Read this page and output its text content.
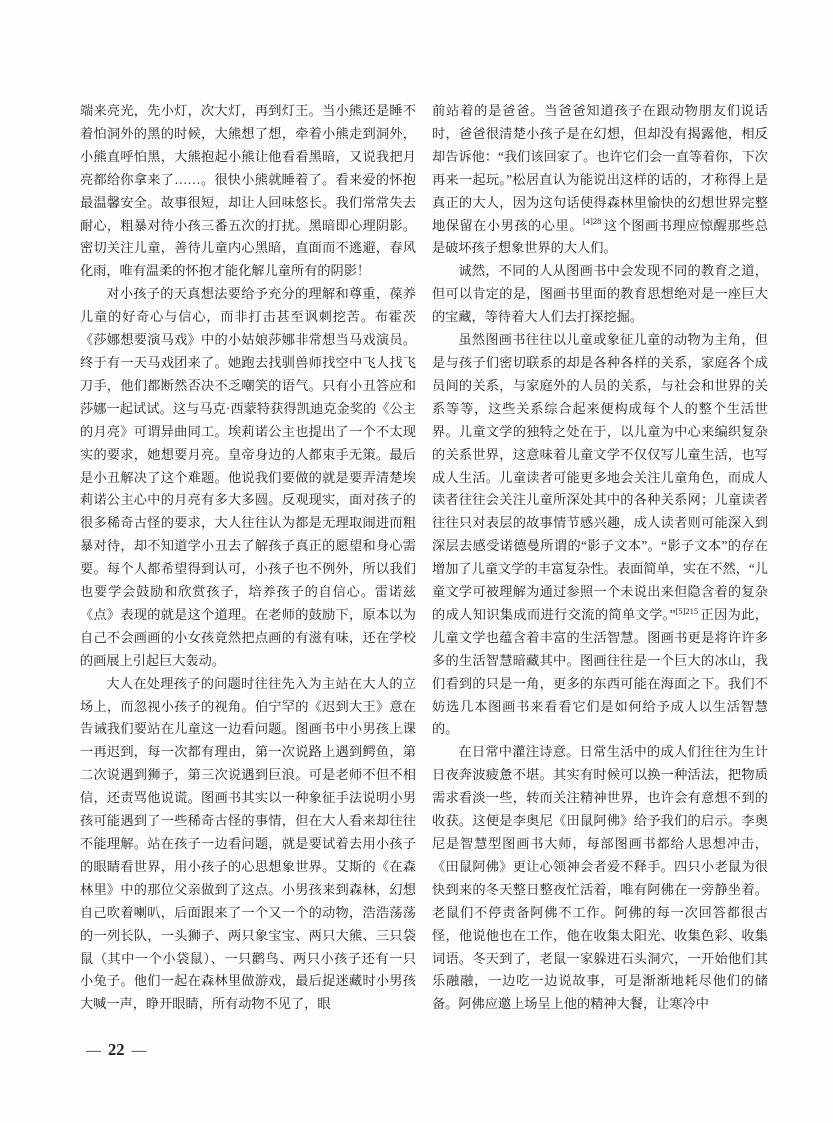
端来亮光，先小灯，次大灯，再到灯王。当小熊还是睡不着怕洞外的黑的时候，大熊想了想，牵着小熊走到洞外，小熊直呼怕黑，大熊抱起小熊让他看看黑暗，又说我把月亮都给你拿来了……。很快小熊就睡着了。看来爱的怀抱最温馨安全。故事很短，却让人回味悠长。我们常常失去耐心，粗暴对待小孩三番五次的打扰。黑暗即心理阴影。密切关注儿童，善待儿童内心黑暗，直面而不逃避，春风化雨，唯有温柔的怀抱才能化解儿童所有的阴影！

对小孩子的天真想法要给予充分的理解和尊重，葆养儿童的好奇心与信心，而非打击甚至讽刺挖苦。布霍茨《莎娜想要演马戏》中的小姑娘莎娜非常想当马戏演员。终于有一天马戏团来了。她跑去找驯兽师找空中飞人找飞刀手，他们都断然否决不乏嘲笑的语气。只有小丑答应和莎娜一起试试。这与马克·西蒙特获得凯迪克金奖的《公主的月亮》可谓异曲同工。埃莉诺公主也提出了一个不太现实的要求，她想要月亮。皇帝身边的人都束手无策。最后是小丑解决了这个难题。他说我们要做的就是要弄清楚埃莉诺公主心中的月亮有多大多圆。反观现实，面对孩子的很多稀奇古怪的要求，大人往往认为都是无理取闹进而粗暴对待，却不知道学小丑去了解孩子真正的愿望和身心需要。每个人都希望得到认可，小孩子也不例外，所以我们也要学会鼓励和欣赏孩子，培养孩子的自信心。雷诺兹《点》表现的就是这个道理。在老师的鼓励下，原本以为自己不会画画的小女孩竟然把点画的有滋有味，还在学校的画展上引起巨大轰动。

大人在处理孩子的问题时往往先入为主站在大人的立场上，而忽视小孩子的视角。伯宁罕的《迟到大王》意在告诫我们要站在儿童这一边看问题。图画书中小男孩上课一再迟到，每一次都有理由，第一次说路上遇到鳄鱼，第二次说遇到狮子，第三次说遇到巨浪。可是老师不但不相信，还责骂他说谎。图画书其实以一种象征手法说明小男孩可能遇到了一些稀奇古怪的事情，但在大人看来却往往不能理解。站在孩子一边看问题，就是要试着去用小孩子的眼睛看世界，用小孩子的心思想象世界。艾斯的《在森林里》中的那位父亲做到了这点。小男孩来到森林，幻想自己吹着喇叭，后面跟来了一个又一个的动物，浩浩荡荡的一列长队，一头狮子、两只象宝宝、两只大熊、三只袋鼠（其中一个小袋鼠）、一只鹳鸟、两只小孩子还有一只小兔子。他们一起在森林里做游戏，最后捉迷藏时小男孩大喊一声，睁开眼睛，所有动物不见了，眼

前站着的是爸爸。当爸爸知道孩子在跟动物朋友们说话时，爸爸很清楚小孩子是在幻想，但却没有揭露他，相反却告诉他：“我们该回家了。也许它们会一直等着你，下次再来一起玩。”松居直认为能说出这样的话的，才称得上是真正的大人，因为这句话使得森林里愉快的幻想世界完整地保留在小男孩的心里。$^{[4]28}$ 这个图画书理应惊醒那些总是破坏孩子想象世界的大人们。

诚然，不同的人从图画书中会发现不同的教育之道，但可以肯定的是，图画书里面的教育思想绝对是一座巨大的宝藏，等待着大人们去打探挖掘。

虽然图画书往往以儿童或象征儿童的动物为主角，但是与孩子们密切联系的却是各种各样的关系，家庭各个成员间的关系，与家庭外的人员的关系，与社会和世界的关系等等，这些关系综合起来便构成每个人的整个生活世界。儿童文学的独特之处在于，以儿童为中心来编织复杂的关系世界，这意味着儿童文学不仅仅写儿童生活，也写成人生活。儿童读者可能更多地会关注儿童角色，而成人读者往往会关注儿童所深处其中的各种关系网；儿童读者往往只对表层的故事情节感兴趣，成人读者则可能深入到深层去感受诺德曼所谓的“影子文本”。“影子文本”的存在增加了儿童文学的丰富复杂性。表面简单，实在不然，“儿童文学可被理解为通过参照一个未说出来但隐含着的复杂的成人知识集成而进行交流的简单文学。”$^{[5]215}$ 正因为此，儿童文学也蕴含着丰富的生活智慧。图画书更是将许许多多的生活智慧暗藏其中。图画往往是一个巨大的冰山，我们看到的只是一角，更多的东西可能在海面之下。我们不妨选几本图画书来看看它们是如何给予成人以生活智慧的。

在日常中灌注诗意。日常生活中的成人们往往为生计日夜奔波疲惫不堪。其实有时候可以换一种活法，把物质需求看淡一些，转而关注精神世界，也许会有意想不到的收获。这便是李奥尼《田鼠阿佛》给予我们的启示。李奥尼是智慧型图画书大师，每部图画书都给人思想冲击，《田鼠阿佛》更让心领神会者爱不释手。四只小老鼠为很快到来的冬天整日整夜忙活着，唯有阿佛在一旁静坐着。老鼠们不停责备阿佛不工作。阿佛的每一次回答都很古怪，他说他也在工作，他在收集太阳光、收集色彩、收集词语。冬天到了，老鼠一家躲进石头洞穴，一开始他们其乐融融，一边吃一边说故事，可是渐渐地耗尽他们的储备。阿佛应邀上场呈上他的精神大餐，让寒冷中

— 22 —
